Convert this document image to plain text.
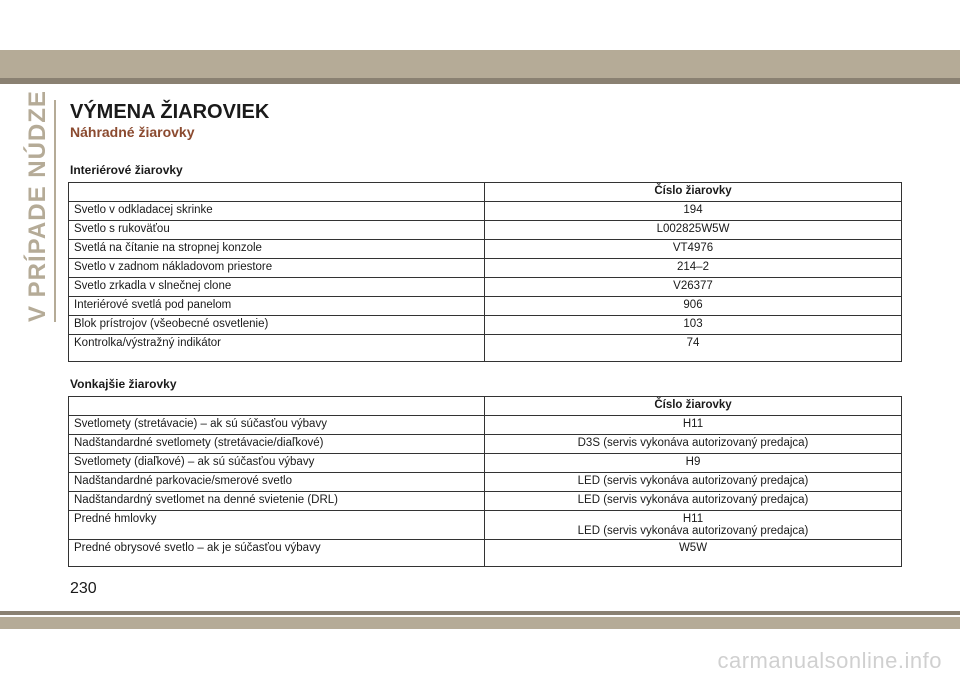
V PRÍPADE NÚDZE VÝMENA ŽIAROVIEK
Náhradné žiarovky
Interiérové žiarovky
	Číslo žiarovky
Svetlo v odkladacej skrinke	194
Svetlo s rukoväťou	L002825W5W
Svetlá na čítanie na stropnej konzole	VT4976
Svetlo v zadnom nákladovom priestore	214–2
Svetlo zrkadla v slnečnej clone	V26377
Interiérové svetlá pod panelom	906
Blok prístrojov (všeobecné osvetlenie)	103
Kontrolka/výstražný indikátor	74
Vonkajšie žiarovky
	Číslo žiarovky
Svetlomety (stretávacie) – ak sú súčasťou výbavy	H11
Nadštandardné svetlomety (stretávacie/diaľkové)	D3S (servis vykonáva autorizovaný predajca)
Svetlomety (diaľkové) – ak sú súčasťou výbavy	H9
Nadštandardné parkovacie/smerové svetlo	LED (servis vykonáva autorizovaný predajca)
Nadštandardný svetlomet na denné svietenie (DRL)	LED (servis vykonáva autorizovaný predajca)
Predné hmlovky	H11
LED (servis vykonáva autorizovaný predajca)

Predné obrysové svetlo – ak je súčasťou výbavy	W5W
230
carmanualsonline.info
